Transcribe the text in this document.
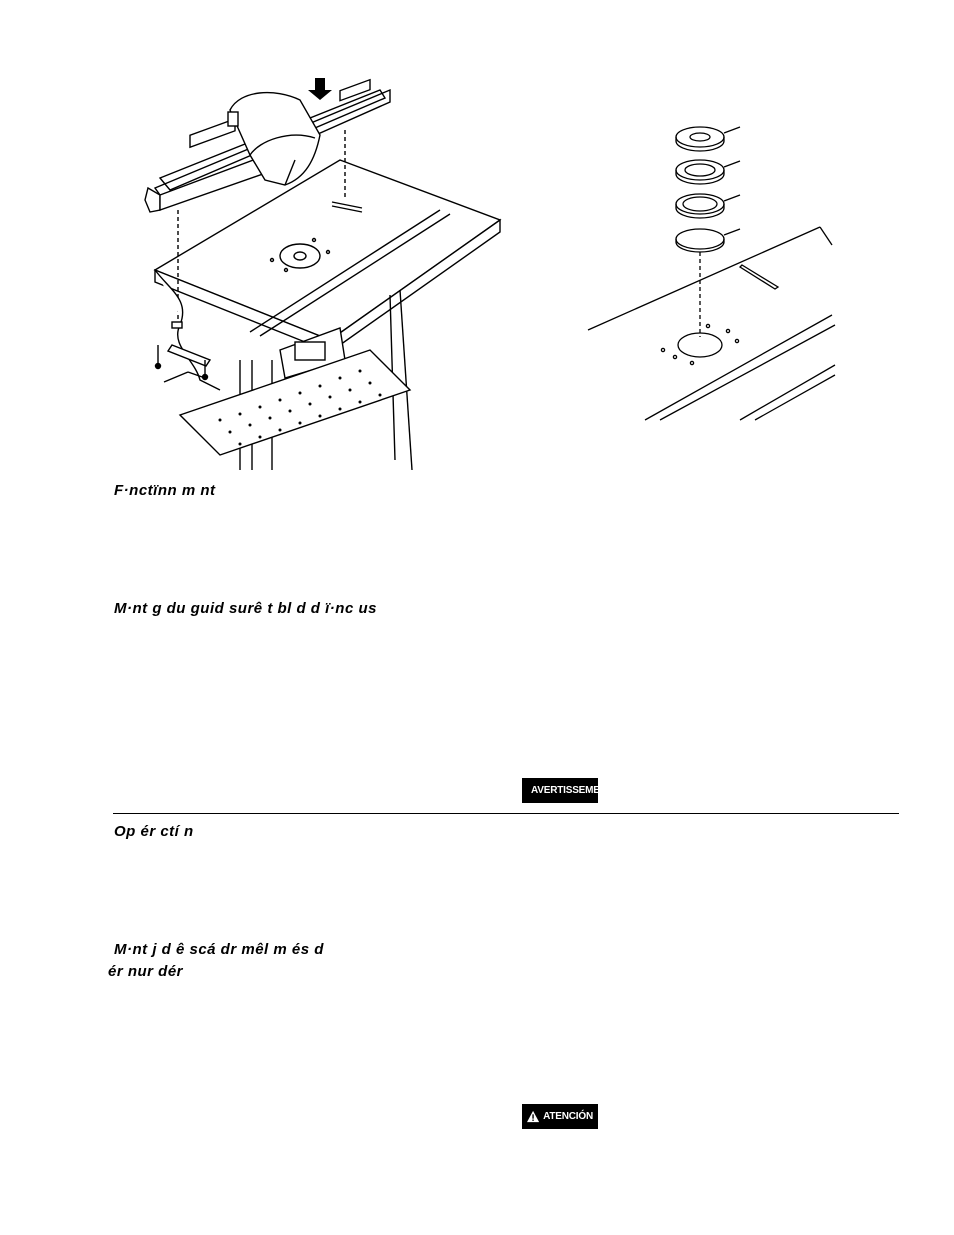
F·nctïnn m nt
M·nt g du guid surê t bl d d ï·nc us
AVERTISSEMENT
Op ér ctí n
M·nt j d ê scá dr mêl m és d
ér nur dér
ATENCIÓN
